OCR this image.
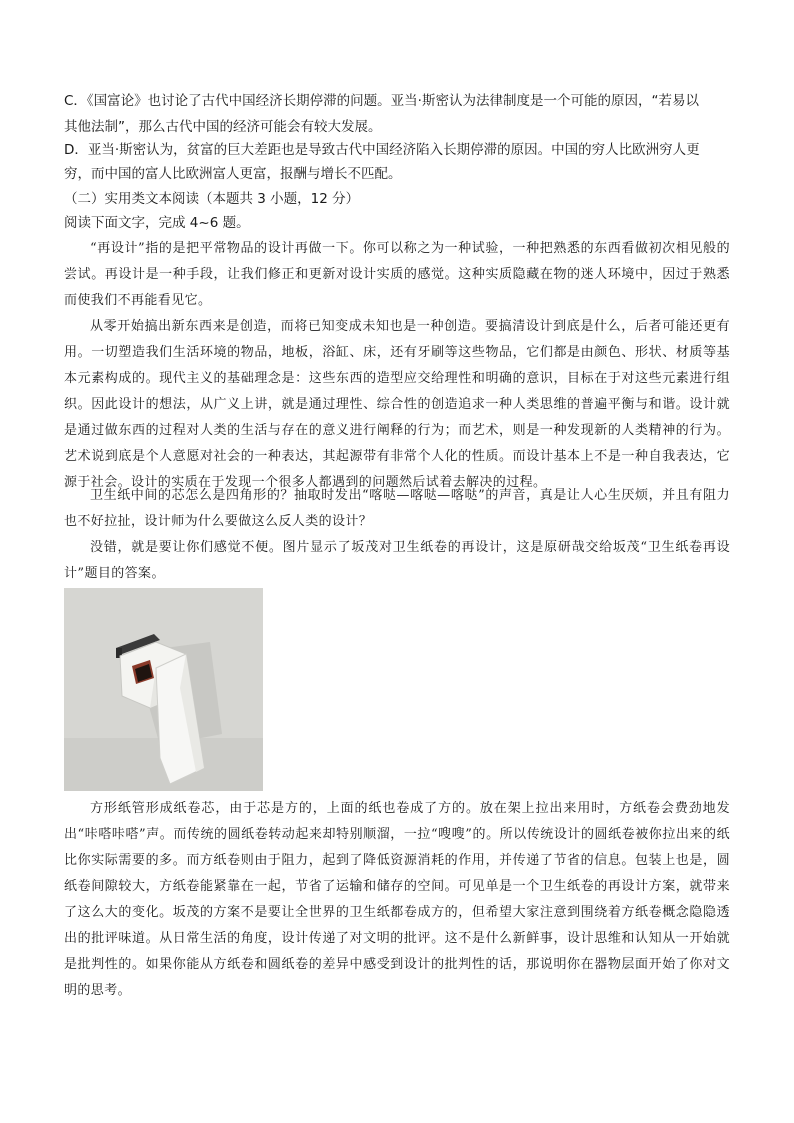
C．《国富论》也讨论了古代中国经济长期停滞的问题。亚当·斯密认为法律制度是一个可能的原因，“若易以
其他法制”，那么古代中国的经济可能会有较大发展。
D．亚当·斯密认为，贫富的巨大差距也是导致古代中国经济陷入长期停滞的原因。中国的穷人比欧洲穷人更
穷，而中国的富人比欧洲富人更富，报酬与增长不匹配。
（二）实用类文本阅读（本题共 3 小题，12 分）
阅读下面文字，完成 4~6 题。
“再设计”指的是把平常物品的设计再做一下。你可以称之为一种试验，一种把熟悉的东西看做初次相见般的尝试。再设计是一种手段，让我们修正和更新对设计实质的感觉。这种实质隐藏在物的迷人环境中，因过于熟悉而使我们不再能看见它。
从零开始搞出新东西来是创造，而将已知变成未知也是一种创造。要搞清设计到底是什么，后者可能还更有用。一切塑造我们生活环境的物品，地板，浴缸、床，还有牙刷等这些物品，它们都是由颜色、形状、材质等基本元素构成的。现代主义的基础理念是：这些东西的造型应交给理性和明确的意识，目标在于对这些元素进行组织。因此设计的想法，从广义上讲，就是通过理性、综合性的创造追求一种人类思维的普遍平衡与和谐。设计就是通过做东西的过程对人类的生活与存在的意义进行阐释的行为；而艺术，则是一种发现新的人类精神的行为。艺术说到底是个人意愿对社会的一种表达，其起源带有非常个人化的性质。而设计基本上不是一种自我表达，它源于社会。设计的实质在于发现一个很多人都遇到的问题然后试着去解决的过程。
卫生纸中间的芯怎么是四角形的？抽取时发出“喀哒—喀哒—喀哒”的声音，真是让人心生厌烦，并且有阻力也不好拉扯，设计师为什么要做这么反人类的设计？
没错，就是要让你们感觉不便。图片显示了坂茂对卫生纸卷的再设计，这是原研哉交给坂茂“卫生纸卷再设计”题目的答案。
方形纸管形成纸卷芯，由于芯是方的，上面的纸也卷成了方的。放在架上拉出来用时，方纸卷会费劲地发出“咔嗒咔嗒”声。而传统的圆纸卷转动起来却特别顺溜，一拉“嗖嗖”的。所以传统设计的圆纸卷被你拉出来的纸比你实际需要的多。而方纸卷则由于阻力，起到了降低资源消耗的作用，并传递了节省的信息。包装上也是，圆纸卷间隙较大，方纸卷能紧靠在一起，节省了运输和储存的空间。可见单是一个卫生纸卷的再设计方案，就带来了这么大的变化。坂茂的方案不是要让全世界的卫生纸都卷成方的，但希望大家注意到围绕着方纸卷概念隐隐透出的批评味道。从日常生活的角度，设计传递了对文明的批评。这不是什么新鲜事，设计思维和认知从一开始就是批判性的。如果你能从方纸卷和圆纸卷的差异中感受到设计的批判性的话，那说明你在器物层面开始了你对文明的思考。
